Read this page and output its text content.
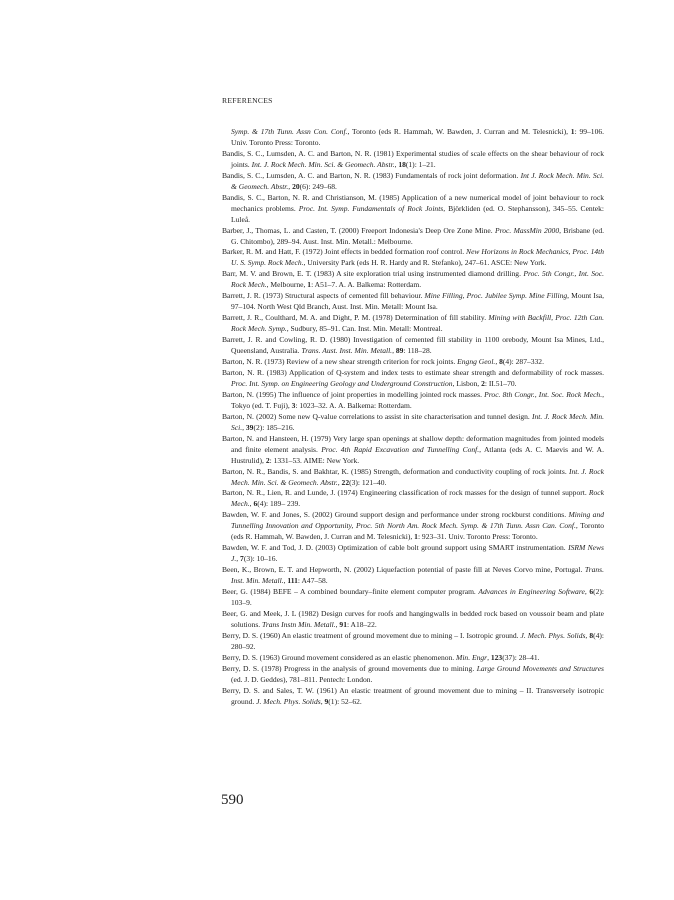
REFERENCES

Symp. & 17th Tunn. Assn Con. Conf., Toronto (eds R. Hammah, W. Bawden, J. Curran and M. Telesnicki), 1: 99–106. Univ. Toronto Press: Toronto.

Bandis, S. C., Lumsden, A. C. and Barton, N. R. (1981) Experimental studies of scale effects on the shear behaviour of rock joints. Int. J. Rock Mech. Min. Sci. & Geomech. Abstr., 18(1): 1–21.

Bandis, S. C., Lumsden, A. C. and Barton, N. R. (1983) Fundamentals of rock joint deformation. Int J. Rock Mech. Min. Sci. & Geomech. Abstr., 20(6): 249–68.

Bandis, S. C., Barton, N. R. and Christianson, M. (1985) Application of a new numerical model of joint behaviour to rock mechanics problems. Proc. Int. Symp. Fundamentals of Rock Joints, Björkliden (ed. O. Stephansson), 345–55. Centek: Luleå.

Barber, J., Thomas, L. and Casten, T. (2000) Freeport Indonesia's Deep Ore Zone Mine. Proc. MassMin 2000, Brisbane (ed. G. Chitombo), 289–94. Aust. Inst. Min. Metall.: Melbourne.

Barker, R. M. and Hatt, F. (1972) Joint effects in bedded formation roof control. New Horizons in Rock Mechanics, Proc. 14th U. S. Symp. Rock Mech., University Park (eds H. R. Hardy and R. Stefanko), 247–61. ASCE: New York.

Barr, M. V. and Brown, E. T. (1983) A site exploration trial using instrumented diamond drilling. Proc. 5th Congr., Int. Soc. Rock Mech., Melbourne, 1: A51–7. A. A. Balkema: Rotterdam.

Barrett, J. R. (1973) Structural aspects of cemented fill behaviour. Mine Filling, Proc. Jubilee Symp. Mine Filling, Mount Isa, 97–104. North West Qld Branch, Aust. Inst. Min. Metall: Mount Isa.

Barrett, J. R., Coulthard, M. A. and Dight, P. M. (1978) Determination of fill stability. Mining with Backfill, Proc. 12th Can. Rock Mech. Symp., Sudbury, 85–91. Can. Inst. Min. Metall: Montreal.

Barrett, J. R. and Cowling, R. D. (1980) Investigation of cemented fill stability in 1100 orebody, Mount Isa Mines, Ltd., Queensland, Australia. Trans. Aust. Inst. Min. Metall., 89: 118–28.

Barton, N. R. (1973) Review of a new shear strength criterion for rock joints. Engng Geol., 8(4): 287–332.

Barton, N. R. (1983) Application of Q-system and index tests to estimate shear strength and deformability of rock masses. Proc. Int. Symp. on Engineering Geology and Underground Construction, Lisbon, 2: II.51–70.

Barton, N. (1995) The influence of joint properties in modelling jointed rock masses. Proc. 8th Congr., Int. Soc. Rock Mech., Tokyo (ed. T. Fuji), 3: 1023–32. A. A. Balkema: Rotterdam.

Barton, N. (2002) Some new Q-value correlations to assist in site characterisation and tunnel design. Int. J. Rock Mech. Min. Sci., 39(2): 185–216.

Barton, N. and Hansteen, H. (1979) Very large span openings at shallow depth: deformation magnitudes from jointed models and finite element analysis. Proc. 4th Rapid Excavation and Tunnelling Conf., Atlanta (eds A. C. Maevis and W. A. Hustrulid), 2: 1331–53. AIME: New York.

Barton, N. R., Bandis, S. and Bakhtar, K. (1985) Strength, deformation and conductivity coupling of rock joints. Int. J. Rock Mech. Min. Sci. & Geomech. Abstr., 22(3): 121–40.

Barton, N. R., Lien, R. and Lunde, J. (1974) Engineering classification of rock masses for the design of tunnel support. Rock Mech., 6(4): 189– 239.

Bawden, W. F. and Jones, S. (2002) Ground support design and performance under strong rockburst conditions. Mining and Tunnelling Innovation and Opportunity, Proc. 5th North Am. Rock Mech. Symp. & 17th Tunn. Assn Can. Conf., Toronto (eds R. Hammah, W. Bawden, J. Curran and M. Telesnicki), 1: 923–31. Univ. Toronto Press: Toronto.

Bawden, W. F. and Tod, J. D. (2003) Optimization of cable bolt ground support using SMART instrumentation. ISRM News J., 7(3): 10–16.

Been, K., Brown, E. T. and Hepworth, N. (2002) Liquefaction potential of paste fill at Neves Corvo mine, Portugal. Trans. Inst. Min. Metall., 111: A47–58.

Beer, G. (1984) BEFE – A combined boundary–finite element computer program. Advances in Engineering Software, 6(2): 103–9.

Beer, G. and Meek, J. L (1982) Design curves for roofs and hangingwalls in bedded rock based on voussoir beam and plate solutions. Trans Instn Min. Metall., 91: A18–22.

Berry, D. S. (1960) An elastic treatment of ground movement due to mining – I. Isotropic ground. J. Mech. Phys. Solids, 8(4): 280–92.

Berry, D. S. (1963) Ground movement considered as an elastic phenomenon. Min. Engr, 123(37): 28–41.

Berry, D. S. (1978) Progress in the analysis of ground movements due to mining. Large Ground Movements and Structures (ed. J. D. Geddes), 781–811. Pentech: London.

Berry, D. S. and Sales, T. W. (1961) An elastic treatment of ground movement due to mining – II. Transversely isotropic ground. J. Mech. Phys. Solids, 9(1): 52–62.

590
